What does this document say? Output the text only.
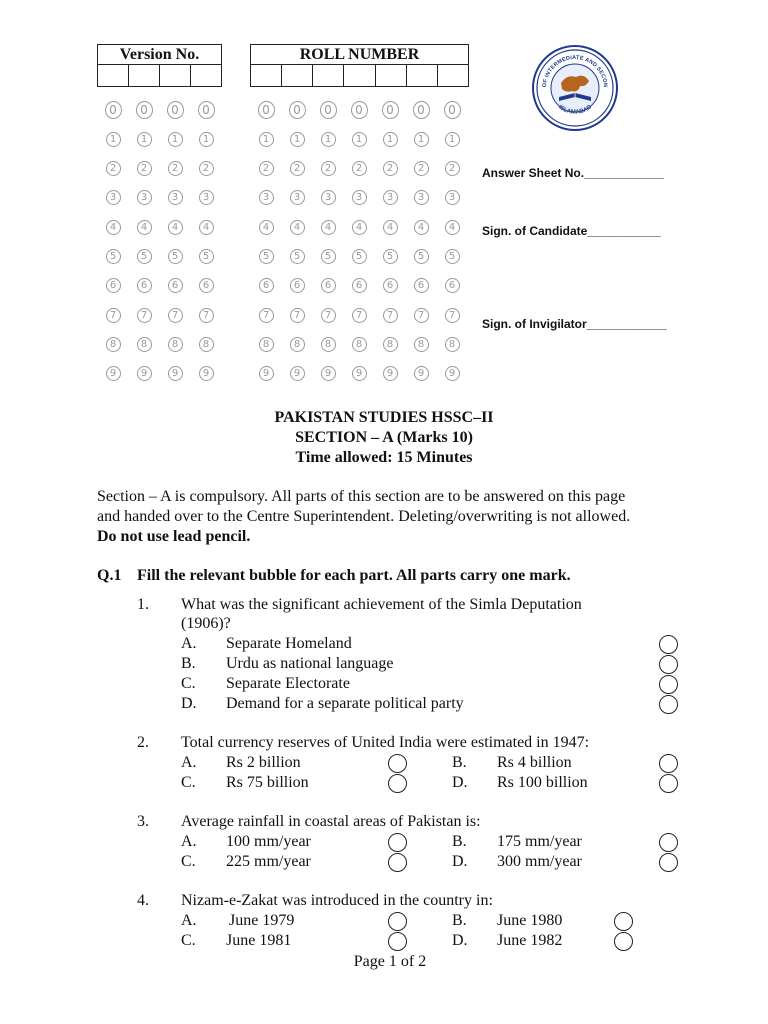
Version No.	ROLL NUMBER
0	0	0	0	0	0	0	0	0	0	0
1	1	1	1	1	1	1	1	1	1	1
2	2	2	2	2	2	2	2	2	2	2
3	3	3	3	3	3	3	3	3	3	3
4	4	4	4	4	4	4	4	4	4	4
5	5	5	5	5	5	5	5	5	5	5
6	6	6	6	6	6	6	6	6	6	6
7	7	7	7	7	7	7	7	7	7	7
8	8	8	8	8	8	8	8	8	8	8
9	9	9	9	9	9	9	9	9	9	9
OF INTERMEDIATE AND SECON
ISLAMABAD
Answer Sheet No.____________
Sign. of Candidate___________
Sign. of Invigilator____________
PAKISTAN STUDIES HSSC–II
SECTION – A (Marks 10)
Time allowed: 15 Minutes
Section – A is compulsory. All parts of this section are to be answered on this page
and handed over to the Centre Superintendent. Deleting/overwriting is not allowed.
Do not use lead pencil.
Q.1 Fill the relevant bubble for each part. All parts carry one mark.
1. What was the significant achievement of the Simla Deputation
(1906)?
A. Separate Homeland
B. Urdu as national language
C. Separate Electorate
D. Demand for a separate political party
2. Total currency reserves of United India were estimated in 1947:
A. Rs 2 billion	B. Rs 4 billion
C. Rs 75 billion	D. Rs 100 billion
3. Average rainfall in coastal areas of Pakistan is:
A. 100 mm/year	B. 175 mm/year
C. 225 mm/year	D. 300 mm/year
4. Nizam-e-Zakat was introduced in the country in:
A. June 1979	B. June 1980
C. June 1981	D. June 1982
Page 1 of 2
